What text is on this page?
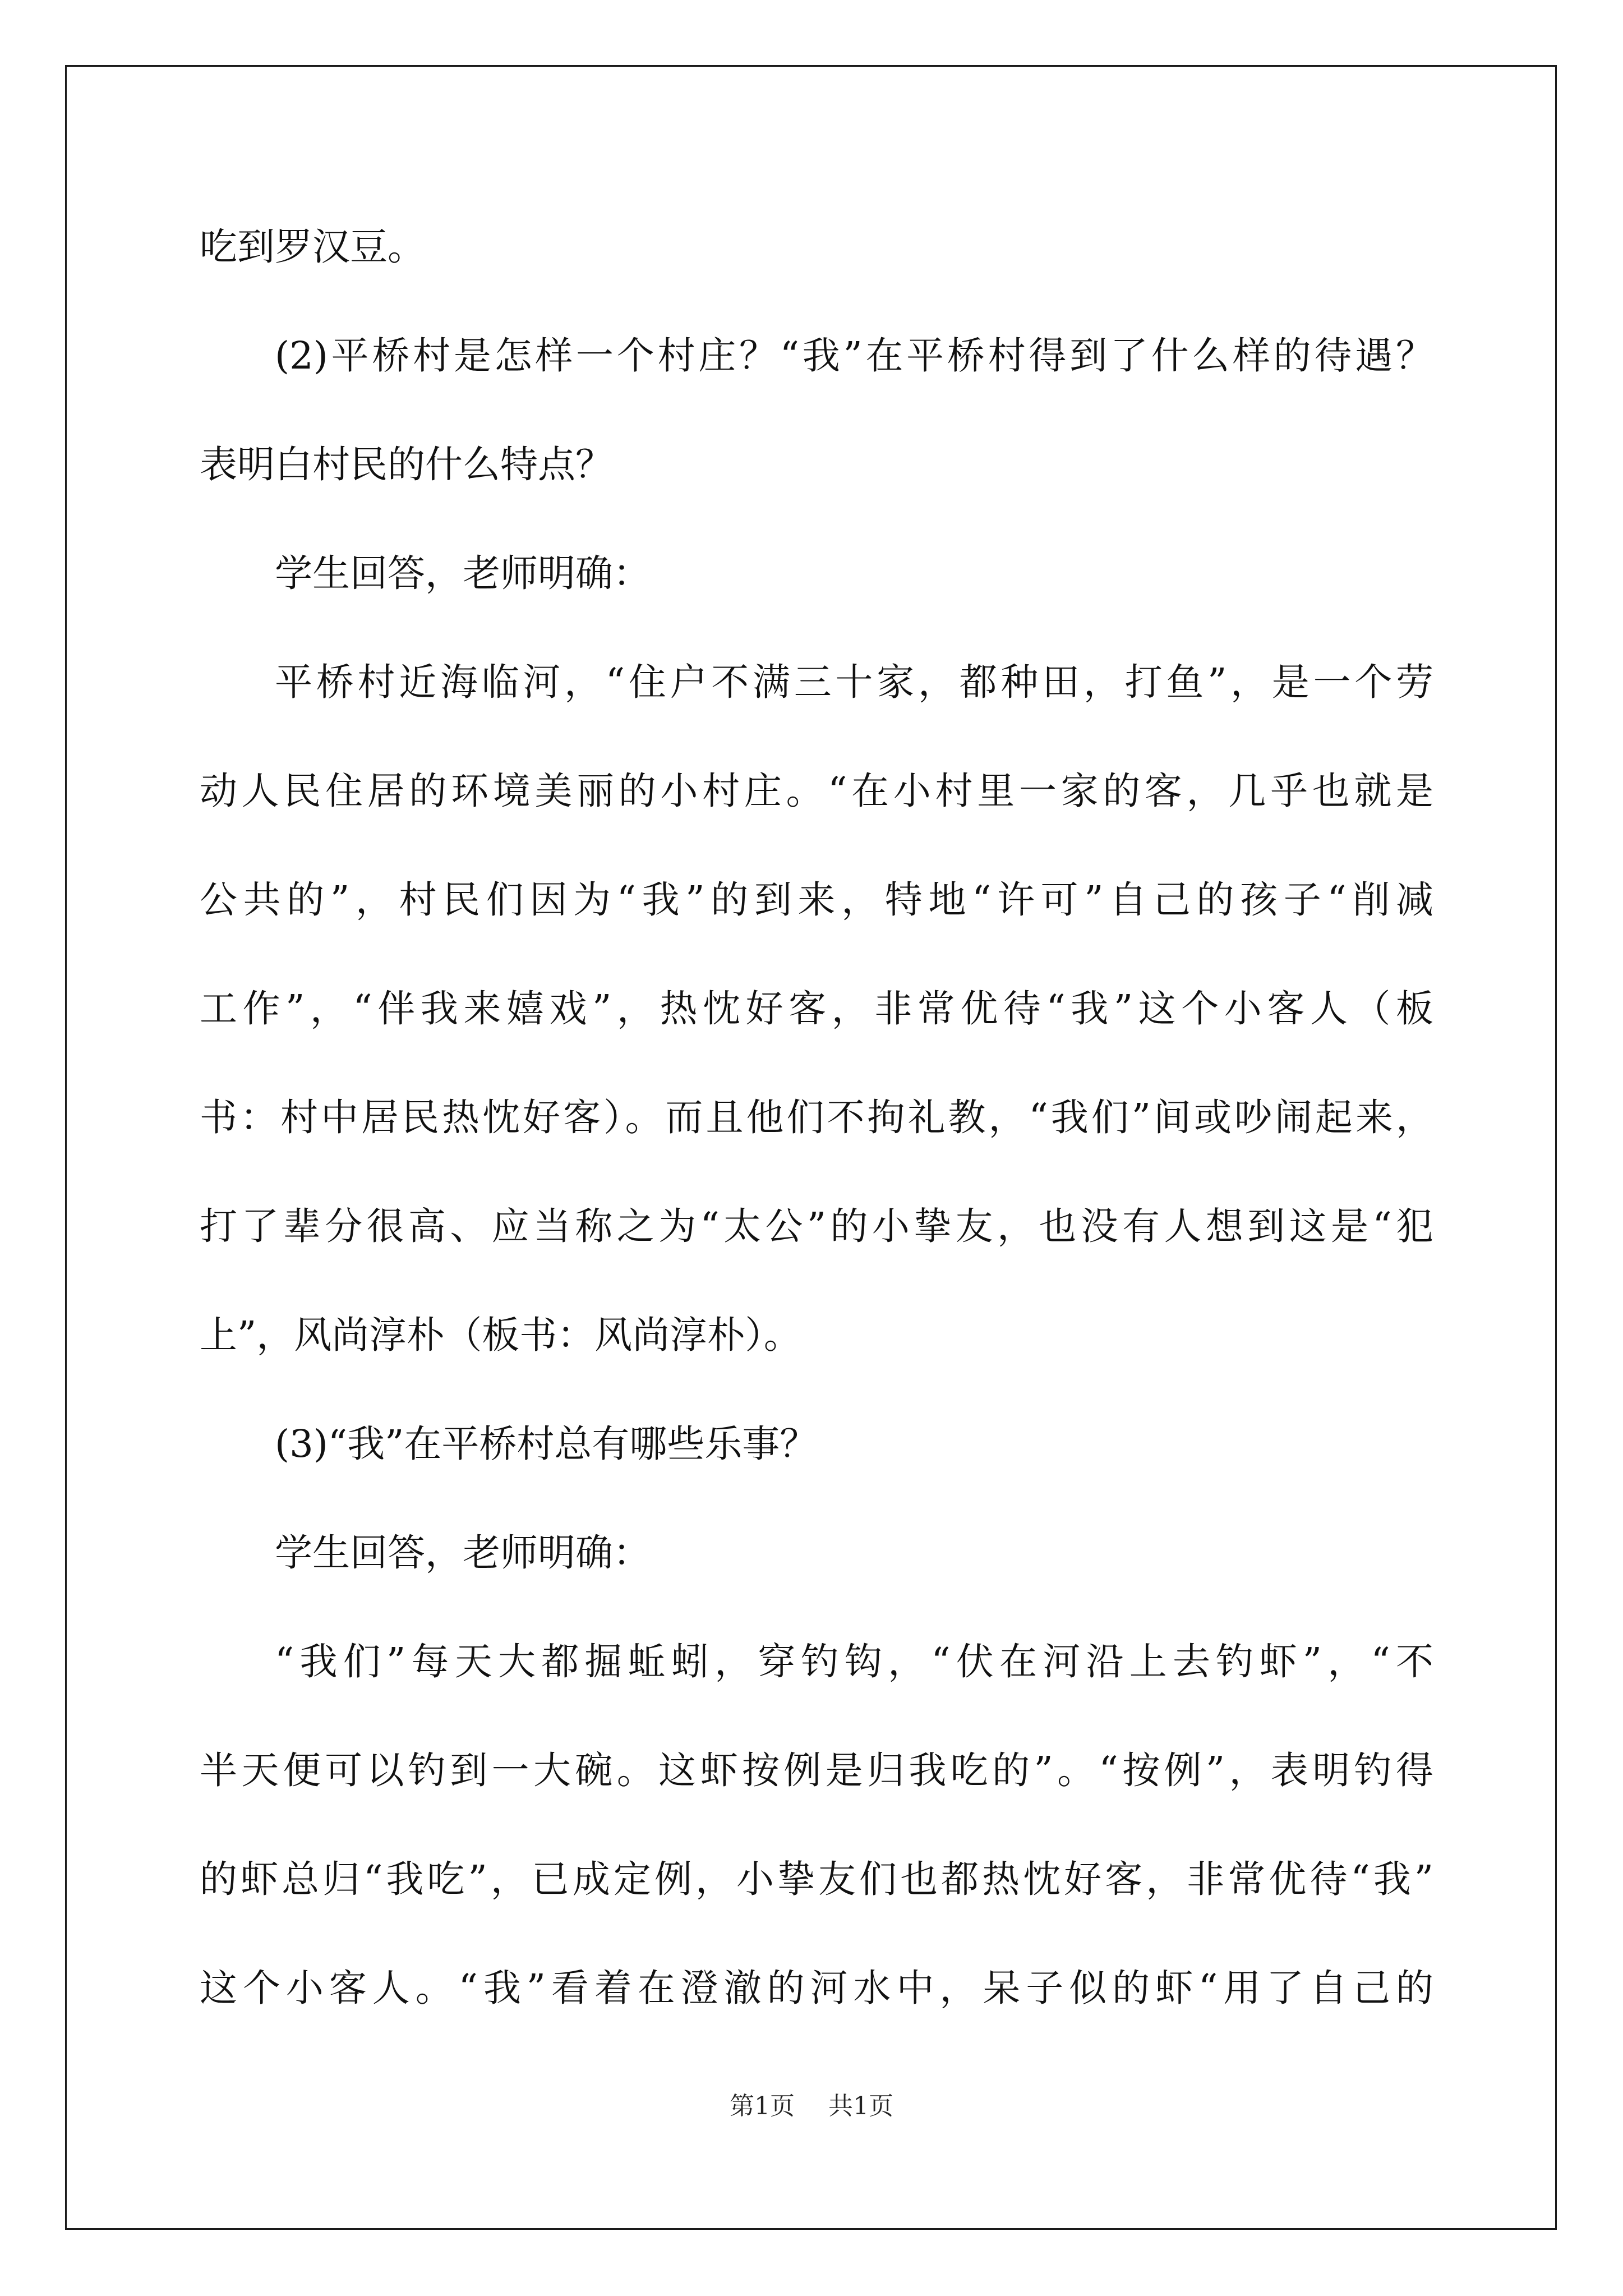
吃到罗汉豆。
(2)平桥村是怎样一个村庄？“我”在平桥村得到了什么样的待遇？
表明白村民的什么特点？
学生回答，老师明确：
平桥村近海临河，“住户不满三十家，都种田，打鱼”，是一个劳
动人民住居的环境美丽的小村庄。“在小村里一家的客，几乎也就是
公共的”，村民们因为“我”的到来，特地“许可”自己的孩子“削减
工作”，“伴我来嬉戏”，热忱好客，非常优待“我”这个小客人（板
书：村中居民热忱好客）。而且他们不拘礼教，“我们”间或吵闹起来，
打了辈分很高、应当称之为“太公”的小挚友，也没有人想到这是“犯
上”，风尚淳朴（板书：风尚淳朴）。
(3)“我”在平桥村总有哪些乐事？
学生回答，老师明确：
“我们”每天大都掘蚯蚓，穿钓钩，“伏在河沿上去钓虾”，“不
半天便可以钓到一大碗。这虾按例是归我吃的”。“按例”，表明钓得
的虾总归“我吃”，已成定例，小挚友们也都热忱好客，非常优待“我”
这个小客人。“我”看着在澄澈的河水中，呆子似的虾“用了自己的
第1页 共1页
